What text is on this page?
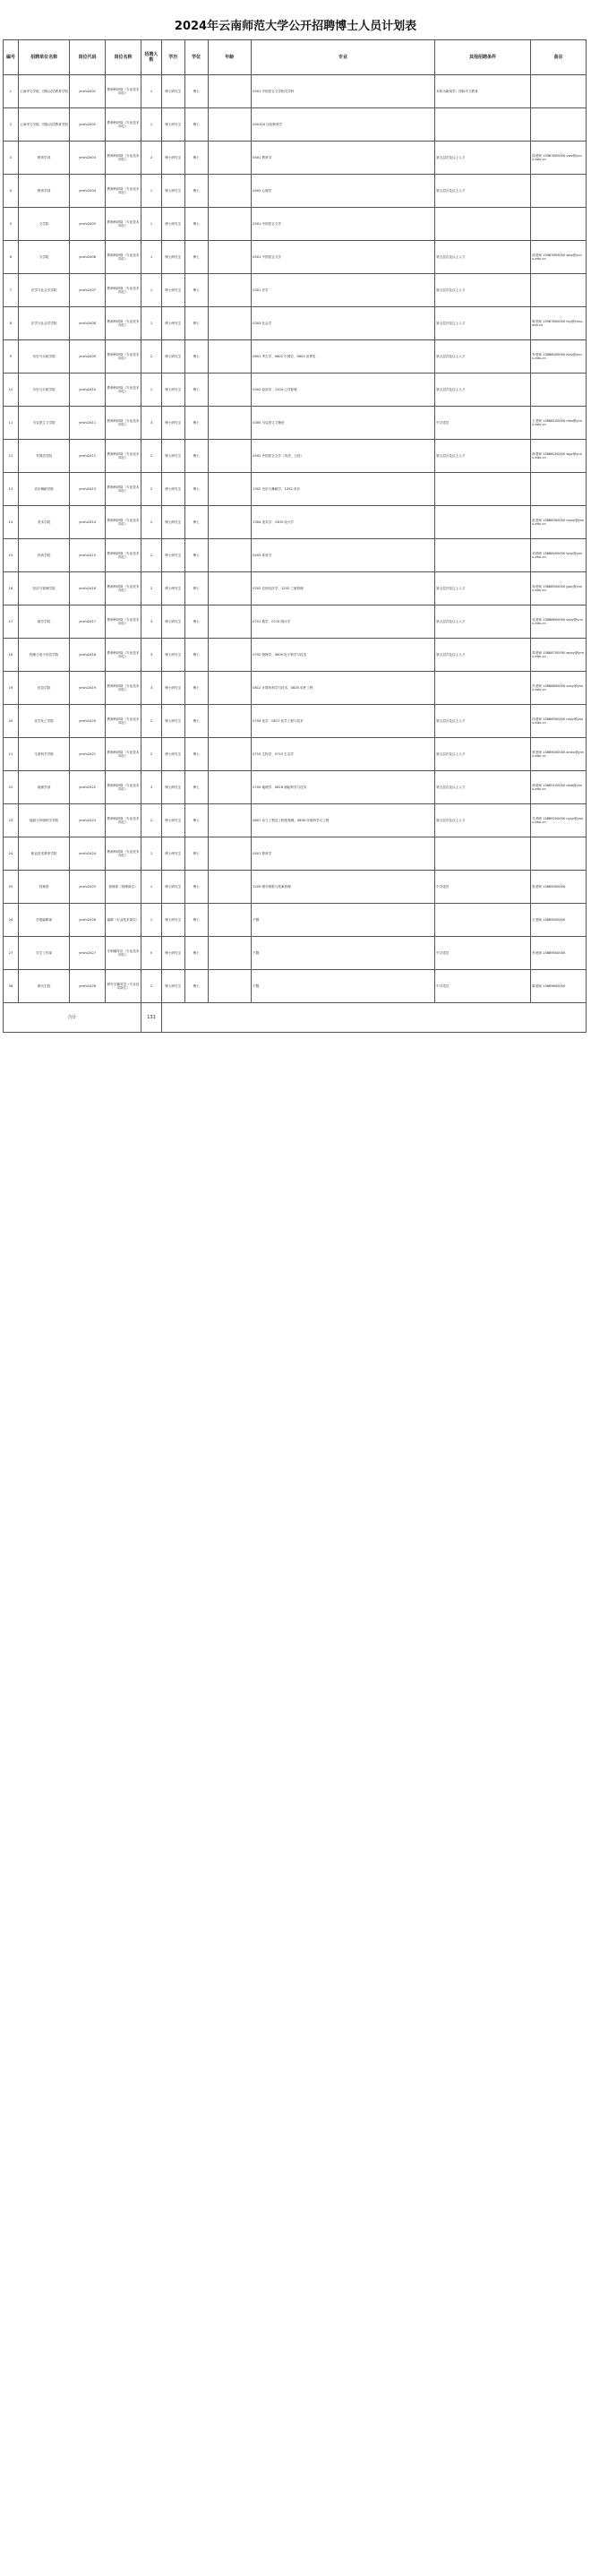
2024年云南师范大学公开招聘博士人员计划表
编号	招聘单位名称	岗位代码	岗位名称	招聘人数	学历	学位	年龄	专业	其他招聘条件	备注
1	云南华文学院、国际汉语教育学院	ynsfu2401	教师科研岗（专业技术岗位）	1	博士研究生	博士		0501 中国语言文学相关学科	本科为新闻学、国际中文教育	
2	云南华文学院、国际汉语教育学院	ynsfu2402	教师科研岗（专业技术岗位）	1	博士研究生	博士		040104 比较教育学		
3	教育学部	ynsfu2403	教师科研岗（专业技术岗位）	2	博士研究生	博士		0401 教育学	第五层次及以上人才	周老师 13987600000 ywx@ynnu.edu.cn
4	教育学部	ynsfu2404	教师科研岗（专业技术岗位）	1	博士研究生	博士		0402 心理学	第五层次及以上人才	
5	文学院	ynsfu2405	教师科研岗（专业技术岗位）	1	博士研究生	博士		0501 中国语言文学		
6	文学院	ynsfu2406	教师科研岗（专业技术岗位）	1	博士研究生	博士		0501 中国语言文学	第五层次及以上人才	周老师 13987650000 wxy@ynnu.edu.cn
7	法学与社会学学院	ynsfu2407	教师科研岗（专业技术岗位）	1	博士研究生	博士		0301 法学	第五层次及以上人才	
8	法学与社会学学院	ynsfu2408	教师科研岗（专业技术岗位）	1	博士研究生	博士		0303 社会学	第五层次及以上人才	陈老师 13987600000 fxy@ynnu.edu.cn
9	历史与行政学院	ynsfu2409	教师科研岗（专业技术岗位）	2	博士研究生	博士		0601 考古学、0602 中国史、0603 世界史	第五层次及以上人才	李老师 13888000000 lsxy@ynnu.edu.cn
10	历史与行政学院	ynsfu2410	教师科研岗（专业技术岗位）	1	博士研究生	博士		0302 政治学、1204 公共管理	第五层次及以上人才	
11	马克思主义学院	ynsfu2411	教师科研岗（专业技术岗位）	3	博士研究生	博士		0305 马克思主义理论	中共党员	王老师 13888100000 mks@ynnu.edu.cn
12	外国语学院	ynsfu2412	教师科研岗（专业技术岗位）	2	博士研究生	博士		0502 外国语言文学（英语、日语）	第五层次及以上人才	杨老师 13888200000 wgy@ynnu.edu.cn
13	音乐舞蹈学院	ynsfu2413	教师科研岗（专业技术岗位）	2	博士研究生	博士		1302 音乐与舞蹈学、1352 音乐		
14	美术学院	ynsfu2414	教师科研岗（专业技术岗位）	2	博士研究生	博士		1304 美术学、1305 设计学		赵老师 13888300000 msxy@ynnu.edu.cn
15	体育学院	ynsfu2415	教师科研岗（专业技术岗位）	2	博士研究生	博士		0403 体育学		刘老师 13888400000 tyxy@ynnu.edu.cn
16	经济与管理学院	ynsfu2416	教师科研岗（专业技术岗位）	2	博士研究生	博士		0202 应用经济学、1202 工商管理	第五层次及以上人才	孙老师 13888500000 jgxy@ynnu.edu.cn
17	数学学院	ynsfu2417	教师科研岗（专业技术岗位）	3	博士研究生	博士		0701 数学、0714 统计学	第五层次及以上人才	吴老师 13888600000 sxxy@ynnu.edu.cn
18	物理与电子信息学院	ynsfu2418	教师科研岗（专业技术岗位）	3	博士研究生	博士		0702 物理学、0809 电子科学与技术	第五层次及以上人才	郑老师 13888700000 wdxy@ynnu.edu.cn
19	信息学院	ynsfu2419	教师科研岗（专业技术岗位）	3	博士研究生	博士		0812 计算机科学与技术、0835 软件工程		冯老师 13888800000 xxxy@ynnu.edu.cn
20	化学化工学院	ynsfu2420	教师科研岗（专业技术岗位）	2	博士研究生	博士		0703 化学、0817 化学工程与技术	第五层次及以上人才	何老师 13888900000 hxxy@ynnu.edu.cn
21	生命科学学院	ynsfu2421	教师科研岗（专业技术岗位）	2	博士研究生	博士		0710 生物学、0713 生态学	第五层次及以上人才	蔡老师 13889000000 smkx@ynnu.edu.cn
22	地理学部	ynsfu2422	教师科研岗（专业技术岗位）	3	博士研究生	博士		0705 地理学、0816 测绘科学与技术	第五层次及以上人才	徐老师 13889100000 dlxb@ynnu.edu.cn
23	能源与环境科学学院	ynsfu2423	教师科研岗（专业技术岗位）	2	博士研究生	博士		0807 动力工程及工程热物理、0830 环境科学与工程	第五层次及以上人才	马老师 13889200000 nyxy@ynnu.edu.cn
24	职业技术教育学院	ynsfu2424	教师科研岗（专业技术岗位）	1	博士研究生	博士		0401 教育学		
25	档案馆	ynsfu2425	管理岗（管理岗位）	1	博士研究生	博士		1205 图书情报与档案管理	中共党员	张老师 13889300000
26	学报编辑部	ynsfu2426	编辑（专业技术岗位）	1	博士研究生	博士		不限		王老师 13889400000
27	学生工作部	ynsfu2427	专职辅导员（专业技术岗位）	5	博士研究生	博士		不限	中共党员	李老师 13889500000
28	研究生院	ynsfu2428	研究生辅导员（专业技术岗位）	2	博士研究生	博士		不限	中共党员	陈老师 13889600000
合计				131						
